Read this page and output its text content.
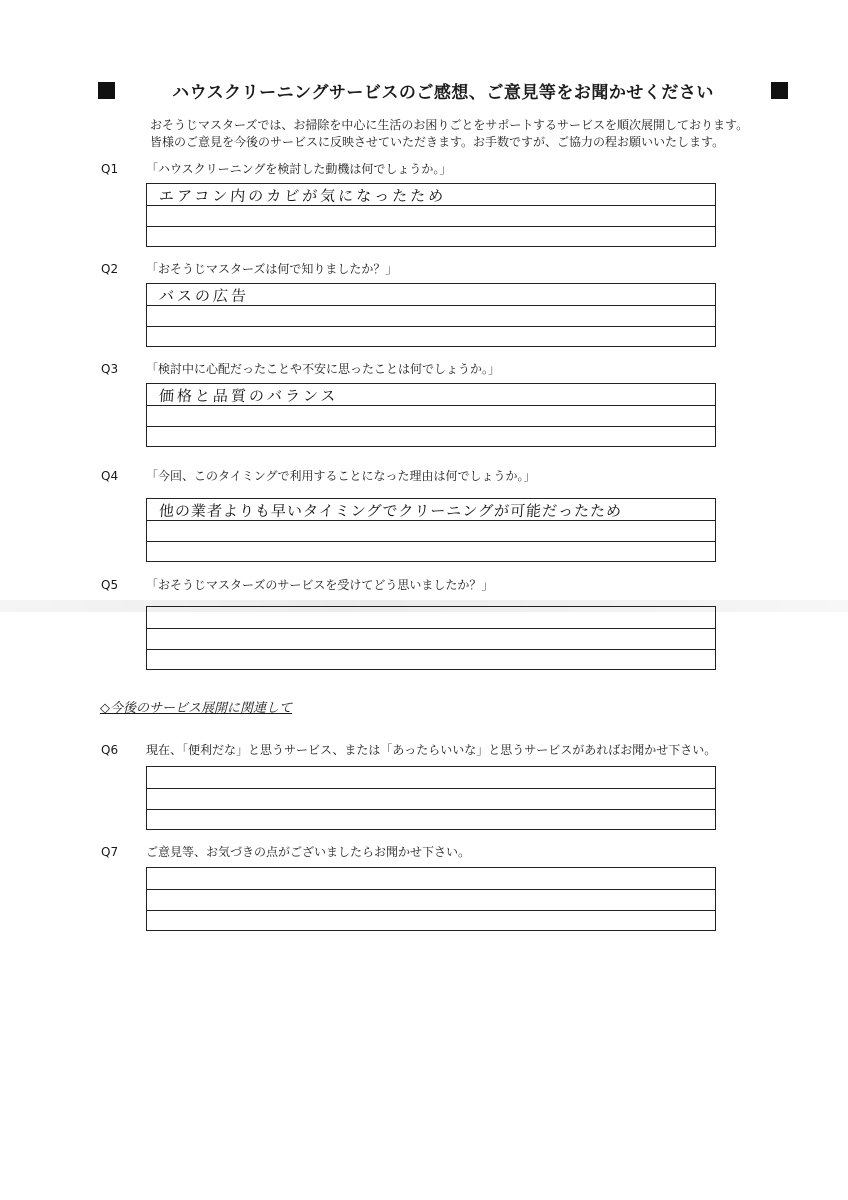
ハウスクリーニングサービスのご感想、ご意見等をお聞かせください
おそうじマスターズでは、お掃除を中心に生活のお困りごとをサポートするサービスを順次展開しております。
皆様のご意見を今後のサービスに反映させていただきます。お手数ですが、ご協力の程お願いいたします。
Q1 「ハウスクリーニングを検討した動機は何でしょうか。」
エアコン内のカビが気になったため
Q2 「おそうじマスターズは何で知りましたか？」
バスの広告
Q3 「検討中に心配だったことや不安に思ったことは何でしょうか。」
価格と品質のバランス
Q4 「今回、このタイミングで利用することになった理由は何でしょうか。」
他の業者よりも早いタイミングでクリーニングが可能だったため
Q5 「おそうじマスターズのサービスを受けてどう思いましたか？」
◇今後のサービス展開に関連して
Q6 現在、「便利だな」と思うサービス、または「あったらいいな」と思うサービスがあればお聞かせ下さい。
Q7 ご意見等、お気づきの点がございましたらお聞かせ下さい。
